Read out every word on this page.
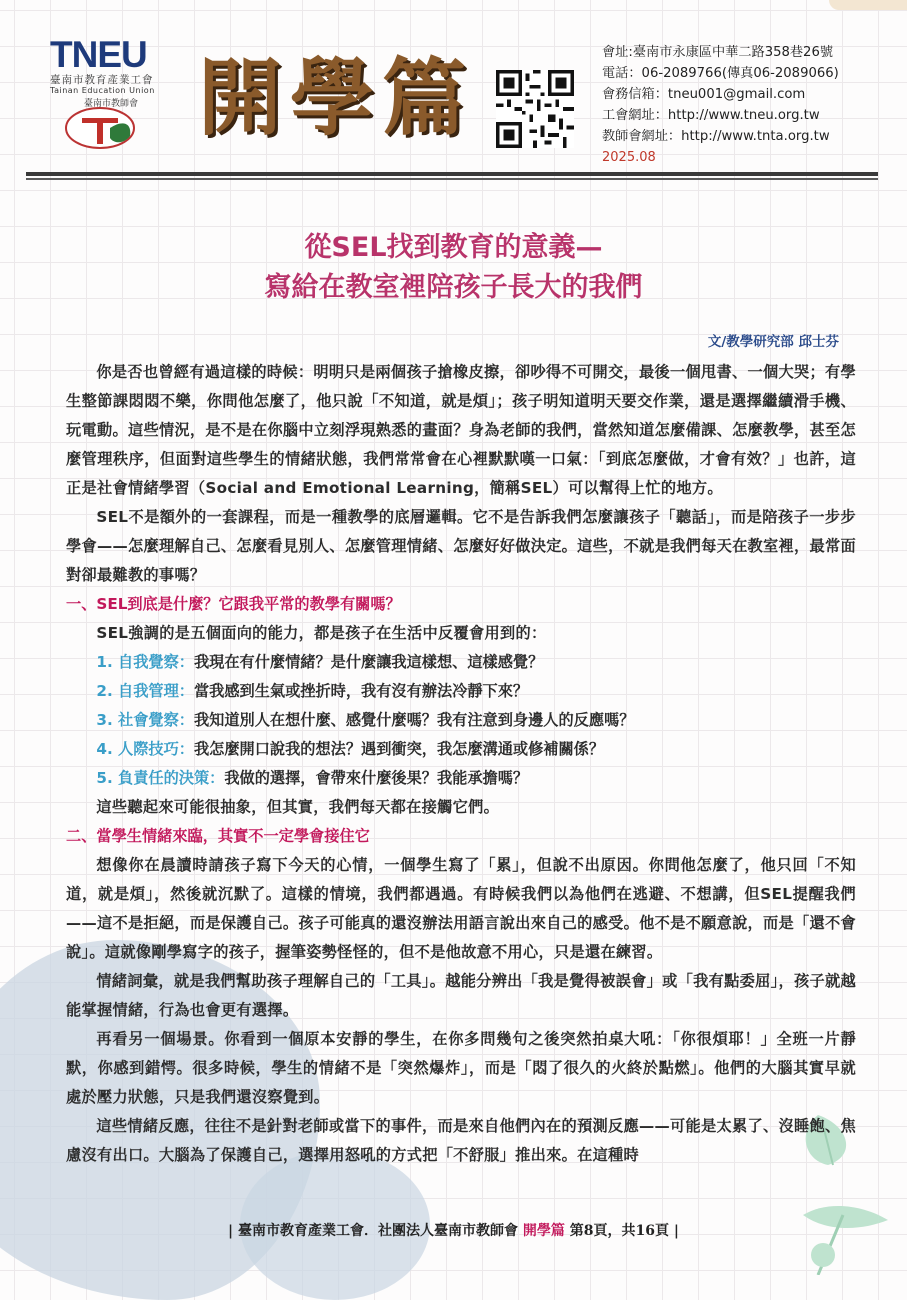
TNEU
臺南市教育產業工會
Tainan Education Union
臺南市教師會 開學篇	會址:臺南市永康區中華二路358巷26號
電話：06-2089766(傳真06-2089066)
會務信箱：tneu001@gmail.com
工會網址：http://www.tneu.org.tw
教師會網址：http://www.tnta.org.tw
2025.08
從SEL找到教育的意義—
寫給在教室裡陪孩子長大的我們
文/教學研究部 邱士芬

你是否也曾經有過這樣的時候：明明只是兩個孩子搶橡皮擦，卻吵得不可開交，最後一個甩書、一個大哭；有學生整節課悶悶不樂，你問他怎麼了，他只說「不知道，就是煩」；孩子明知道明天要交作業，還是選擇繼續滑手機、玩電動。這些情況，是不是在你腦中立刻浮現熟悉的畫面？身為老師的我們，當然知道怎麼備課、怎麼教學，甚至怎麼管理秩序，但面對這些學生的情緒狀態，我們常常會在心裡默默嘆一口氣：「到底怎麼做，才會有效？」也許，這正是社會情緒學習（Social and Emotional Learning，簡稱SEL）可以幫得上忙的地方。

SEL不是額外的一套課程，而是一種教學的底層邏輯。它不是告訴我們怎麼讓孩子「聽話」，而是陪孩子一步步學會——怎麼理解自己、怎麼看見別人、怎麼管理情緒、怎麼好好做決定。這些，不就是我們每天在教室裡，最常面對卻最難教的事嗎？

一、SEL到底是什麼？它跟我平常的教學有關嗎？

SEL強調的是五個面向的能力，都是孩子在生活中反覆會用到的：

1. 自我覺察：我現在有什麼情緒？是什麼讓我這樣想、這樣感覺？

2. 自我管理：當我感到生氣或挫折時，我有沒有辦法冷靜下來？

3. 社會覺察：我知道別人在想什麼、感覺什麼嗎？我有注意到身邊人的反應嗎？

4. 人際技巧：我怎麼開口說我的想法？遇到衝突，我怎麼溝通或修補關係？

5. 負責任的決策：我做的選擇，會帶來什麼後果？我能承擔嗎？

這些聽起來可能很抽象，但其實，我們每天都在接觸它們。

二、當學生情緒來臨，其實不一定學會接住它

想像你在晨讀時請孩子寫下今天的心情，一個學生寫了「累」，但說不出原因。你問他怎麼了，他只回「不知道，就是煩」，然後就沉默了。這樣的情境，我們都遇過。有時候我們以為他們在逃避、不想講，但SEL提醒我們——這不是拒絕，而是保護自己。孩子可能真的還沒辦法用語言說出來自己的感受。他不是不願意說，而是「還不會說」。這就像剛學寫字的孩子，握筆姿勢怪怪的，但不是他故意不用心，只是還在練習。

情緒詞彙，就是我們幫助孩子理解自己的「工具」。越能分辨出「我是覺得被誤會」或「我有點委屈」，孩子就越能掌握情緒，行為也會更有選擇。

再看另一個場景。你看到一個原本安靜的學生，在你多問幾句之後突然拍桌大吼：「你很煩耶！」全班一片靜默，你感到錯愕。很多時候，學生的情緒不是「突然爆炸」，而是「悶了很久的火終於點燃」。他們的大腦其實早就處於壓力狀態，只是我們還沒察覺到。

這些情緒反應，往往不是針對老師或當下的事件，而是來自他們內在的預測反應——可能是太累了、沒睡飽、焦慮沒有出口。大腦為了保護自己，選擇用怒吼的方式把「不舒服」推出來。在這種時

| 臺南市教育產業工會．社團法人臺南市教師會 開學篇 第8頁，共16頁 |
